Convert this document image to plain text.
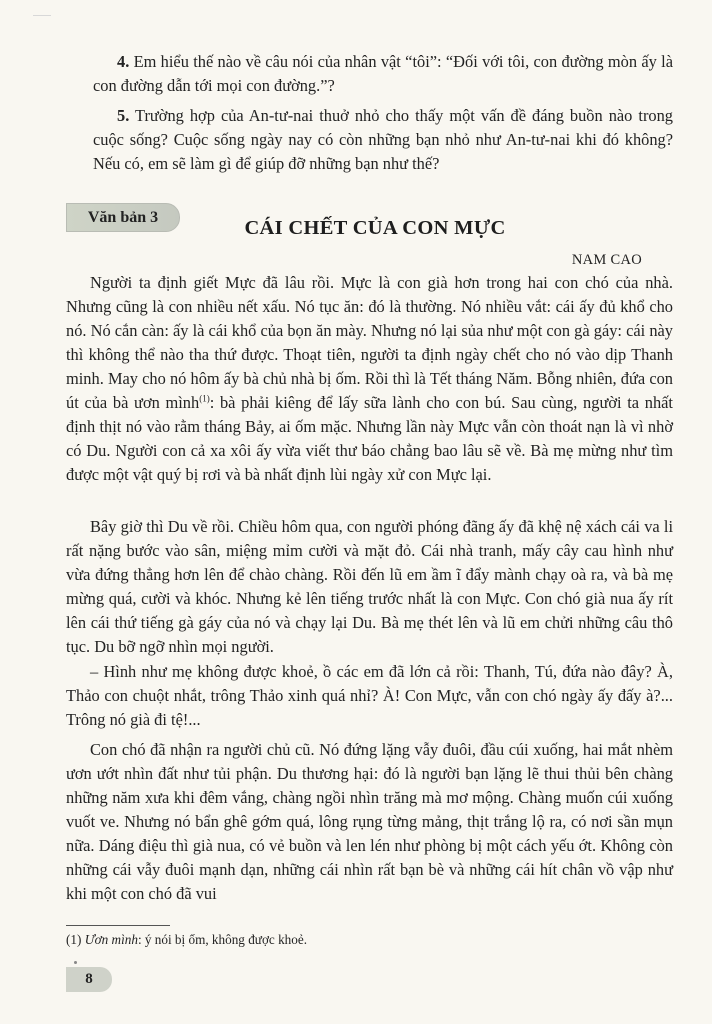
4. Em hiểu thế nào về câu nói của nhân vật “tôi”: “Đối với tôi, con đường mòn ấy là con đường dẫn tới mọi con đường.”?

5. Trường hợp của An-tư-nai thuở nhỏ cho thấy một vấn đề đáng buồn nào trong cuộc sống? Cuộc sống ngày nay có còn những bạn nhỏ như An-tư-nai khi đó không? Nếu có, em sẽ làm gì để giúp đỡ những bạn như thế?

Văn bản 3	CÁI CHẾT CỦA CON MỰC
NAM CAO

Người ta định giết Mực đã lâu rồi. Mực là con già hơn trong hai con chó của nhà. Nhưng cũng là con nhiều nết xấu. Nó tục ăn: đó là thường. Nó nhiều vắt: cái ấy đủ khổ cho nó. Nó cắn càn: ấy là cái khổ của bọn ăn mày. Nhưng nó lại sủa như một con gà gáy: cái này thì không thể nào tha thứ được. Thoạt tiên, người ta định ngày chết cho nó vào dịp Thanh minh. May cho nó hôm ấy bà chủ nhà bị ốm. Rồi thì là Tết tháng Năm. Bỗng nhiên, đứa con út của bà ươn mình$^{(1)}$: bà phải kiêng để lấy sữa lành cho con bú. Sau cùng, người ta nhất định thịt nó vào rằm tháng Bảy, ai ốm mặc. Nhưng lần này Mực vẫn còn thoát nạn là vì nhờ có Du. Người con cả xa xôi ấy vừa viết thư báo chẳng bao lâu sẽ về. Bà mẹ mừng như tìm được một vật quý bị rơi và bà nhất định lùi ngày xử con Mực lại.

Bây giờ thì Du về rồi. Chiều hôm qua, con người phóng đãng ấy đã khệ nệ xách cái va li rất nặng bước vào sân, miệng mỉm cười và mặt đỏ. Cái nhà tranh, mấy cây cau hình như vừa đứng thẳng hơn lên để chào chàng. Rồi đến lũ em ầm ĩ đẩy mành chạy oà ra, và bà mẹ mừng quá, cười và khóc. Nhưng kẻ lên tiếng trước nhất là con Mực. Con chó già nua ấy rít lên cái thứ tiếng gà gáy của nó và chạy lại Du. Bà mẹ thét lên và lũ em chửi những câu thô tục. Du bỡ ngỡ nhìn mọi người.

– Hình như mẹ không được khoẻ, ồ các em đã lớn cả rồi: Thanh, Tú, đứa nào đây? À, Thảo con chuột nhắt, trông Thảo xinh quá nhỉ? À! Con Mực, vẫn con chó ngày ấy đấy à?... Trông nó già đi tệ!...

Con chó đã nhận ra người chủ cũ. Nó đứng lặng vẫy đuôi, đầu cúi xuống, hai mắt nhèm ươn ướt nhìn đất như tủi phận. Du thương hại: đó là người bạn lặng lẽ thui thủi bên chàng những năm xưa khi đêm vắng, chàng ngồi nhìn trăng mà mơ mộng. Chàng muốn cúi xuống vuốt ve. Nhưng nó bẩn ghê gớm quá, lông rụng từng mảng, thịt trắng lộ ra, có nơi sần mụn nữa. Dáng điệu thì già nua, có vẻ buồn và len lén như phòng bị một cách yếu ớt. Không còn những cái vẫy đuôi mạnh dạn, những cái nhìn rất bạn bè và những cái hít chân vồ vập như khi một con chó đã vui

(1) Ươn mình: ý nói bị ốm, không được khoẻ.
8
